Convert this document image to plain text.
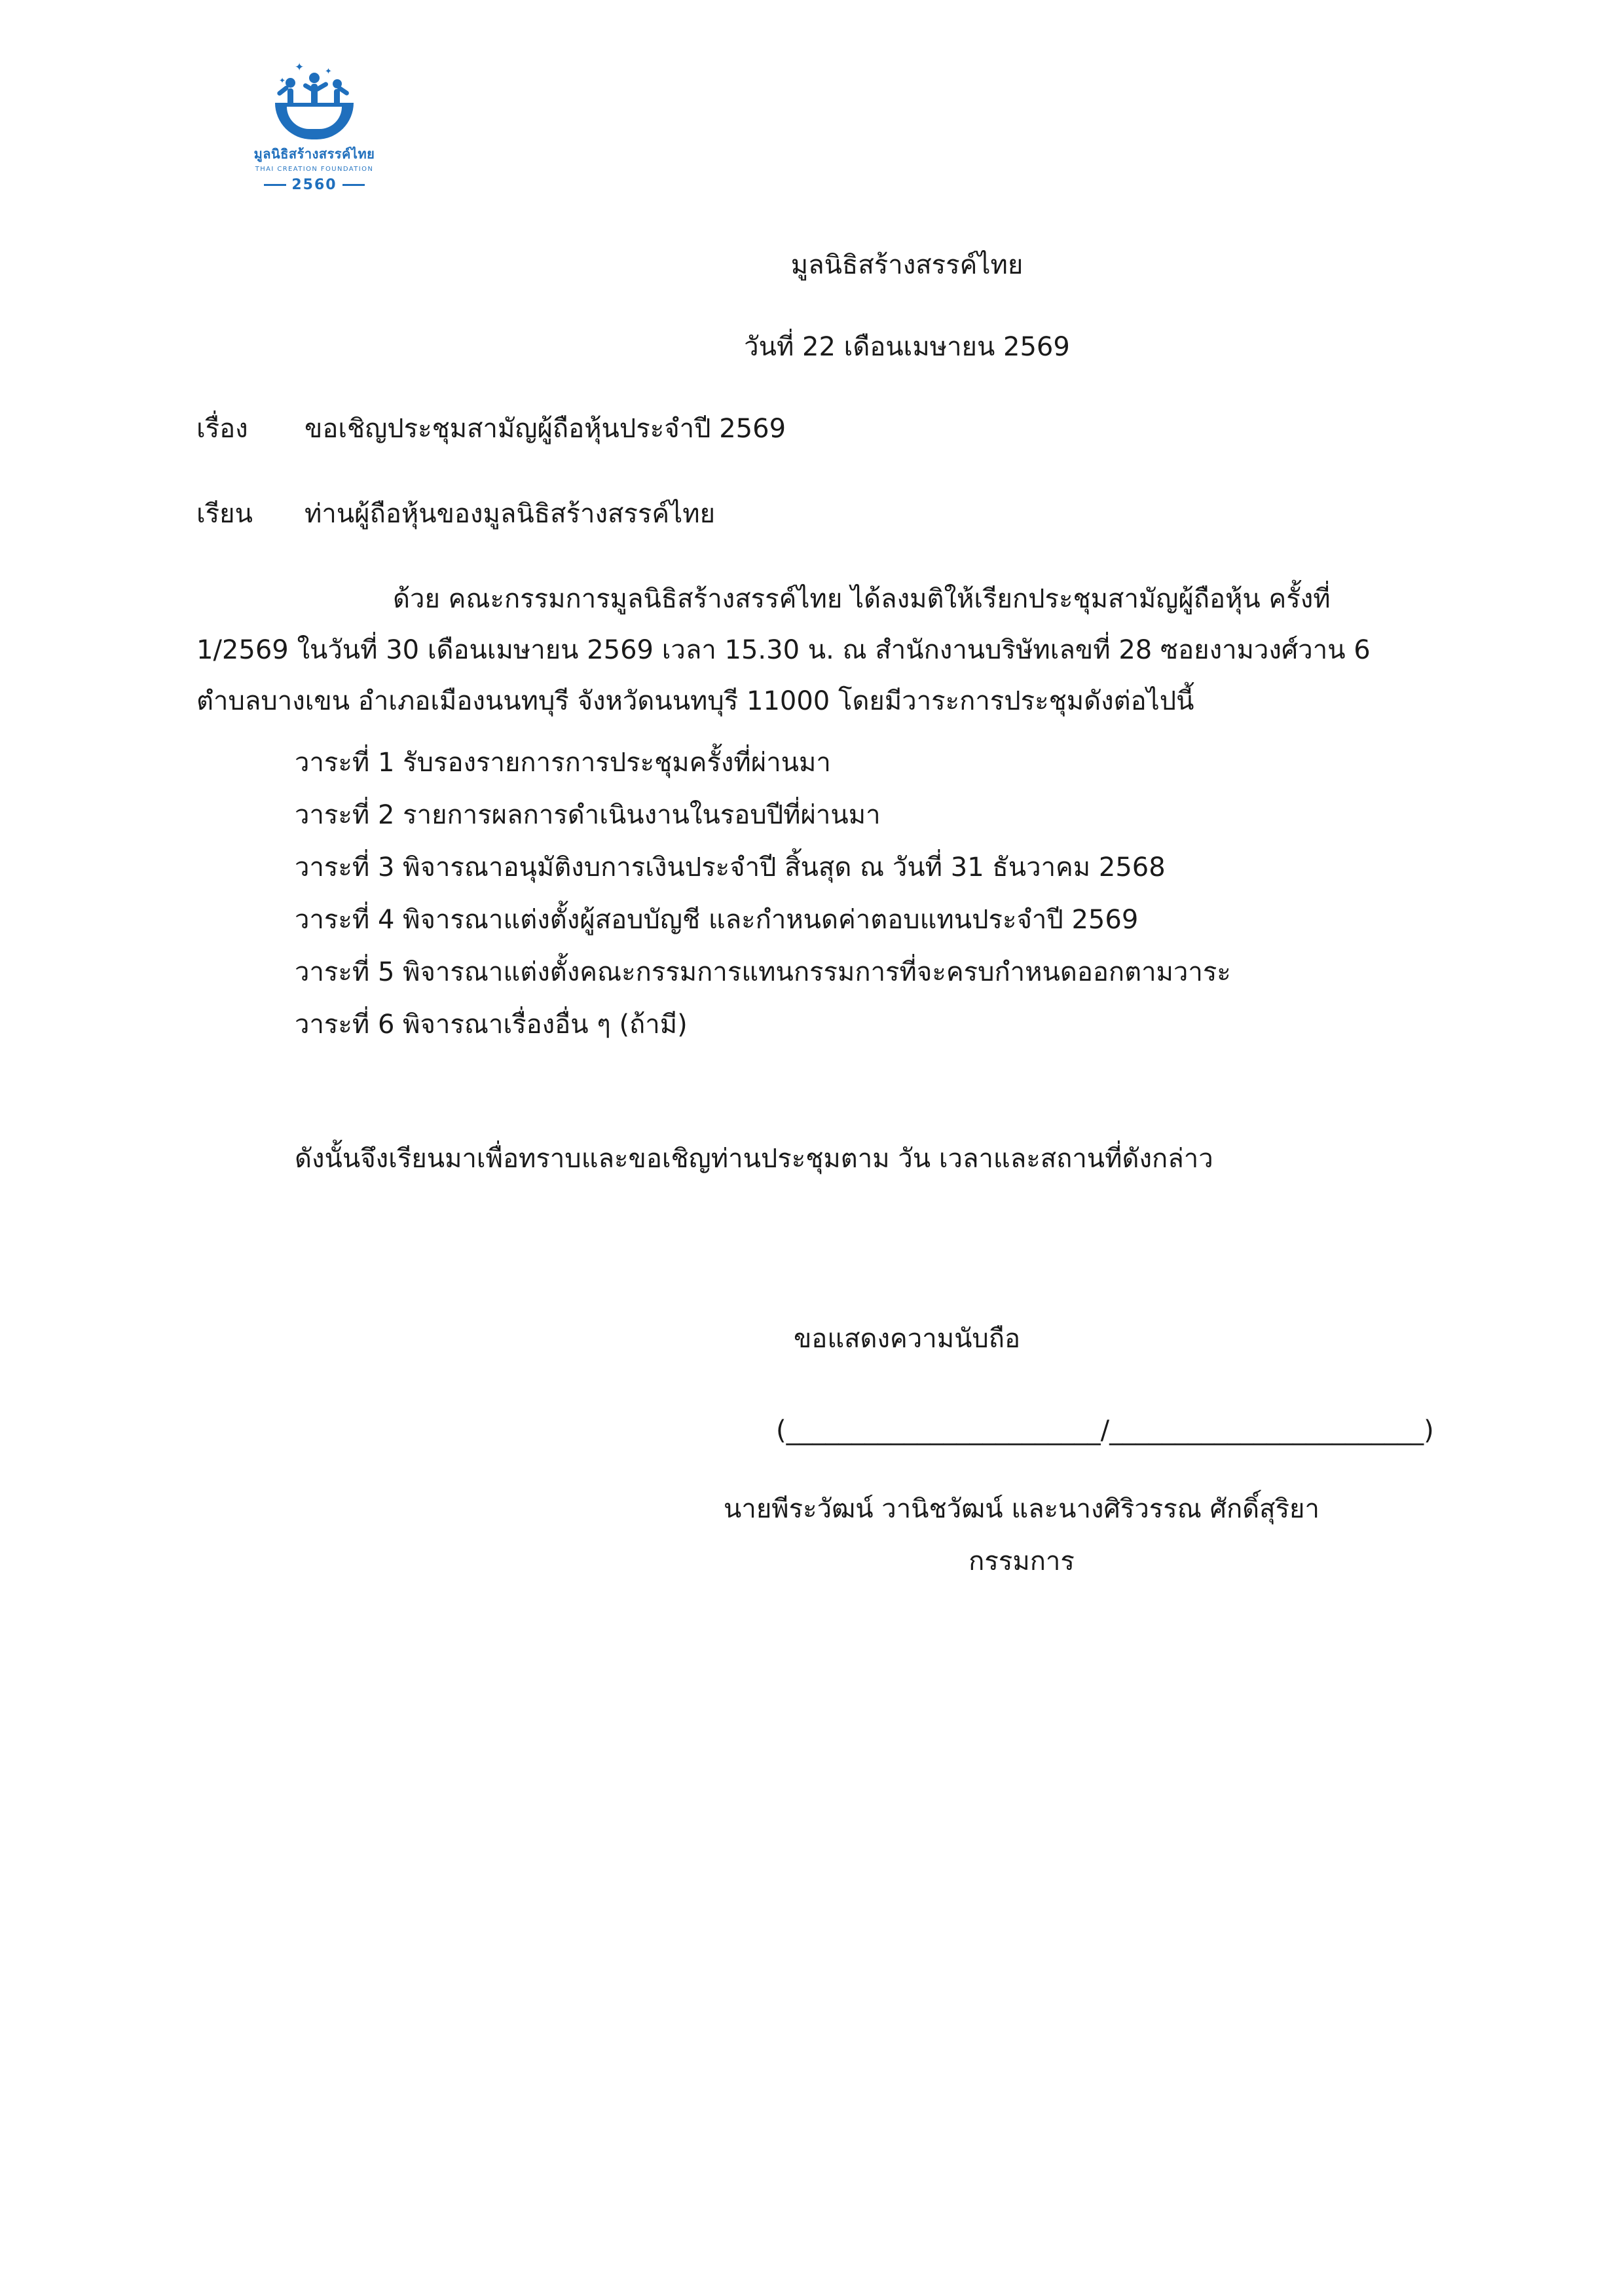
✦ ✦
✦
มูลนิธิสร้างสรรค์ไทย
THAI CREATION FOUNDATION
2560
มูลนิธิสร้างสรรค์ไทย
วันที่ 22 เดือนเมษายน 2569
เรื่อง	ขอเชิญประชุมสามัญผู้ถือหุ้นประจำปี 2569
เรียน	ท่านผู้ถือหุ้นของมูลนิธิสร้างสรรค์ไทย
ด้วย คณะกรรมการมูลนิธิสร้างสรรค์ไทย ได้ลงมติให้เรียกประชุมสามัญผู้ถือหุ้น ครั้งที่
1/2569 ในวันที่ 30 เดือนเมษายน 2569 เวลา 15.30 น. ณ สำนักงานบริษัทเลขที่ 28 ซอยงามวงศ์วาน 6
ตำบลบางเขน อำเภอเมืองนนทบุรี จังหวัดนนทบุรี 11000 โดยมีวาระการประชุมดังต่อไปนี้
วาระที่ 1 รับรองรายการการประชุมครั้งที่ผ่านมา
วาระที่ 2 รายการผลการดำเนินงานในรอบปีที่ผ่านมา
วาระที่ 3 พิจารณาอนุมัติงบการเงินประจำปี สิ้นสุด ณ วันที่ 31 ธันวาคม 2568
วาระที่ 4 พิจารณาแต่งตั้งผู้สอบบัญชี และกำหนดค่าตอบแทนประจำปี 2569
วาระที่ 5 พิจารณาแต่งตั้งคณะกรรมการแทนกรรมการที่จะครบกำหนดออกตามวาระ
วาระที่ 6 พิจารณาเรื่องอื่น ๆ (ถ้ามี)
ดังนั้นจึงเรียนมาเพื่อทราบและขอเชิญท่านประชุมตาม วัน เวลาและสถานที่ดังกล่าว
ขอแสดงความนับถือ
(________________________/________________________)
นายพีระวัฒน์ วานิชวัฒน์ และนางศิริวรรณ ศักดิ์สุริยา
กรรมการ
